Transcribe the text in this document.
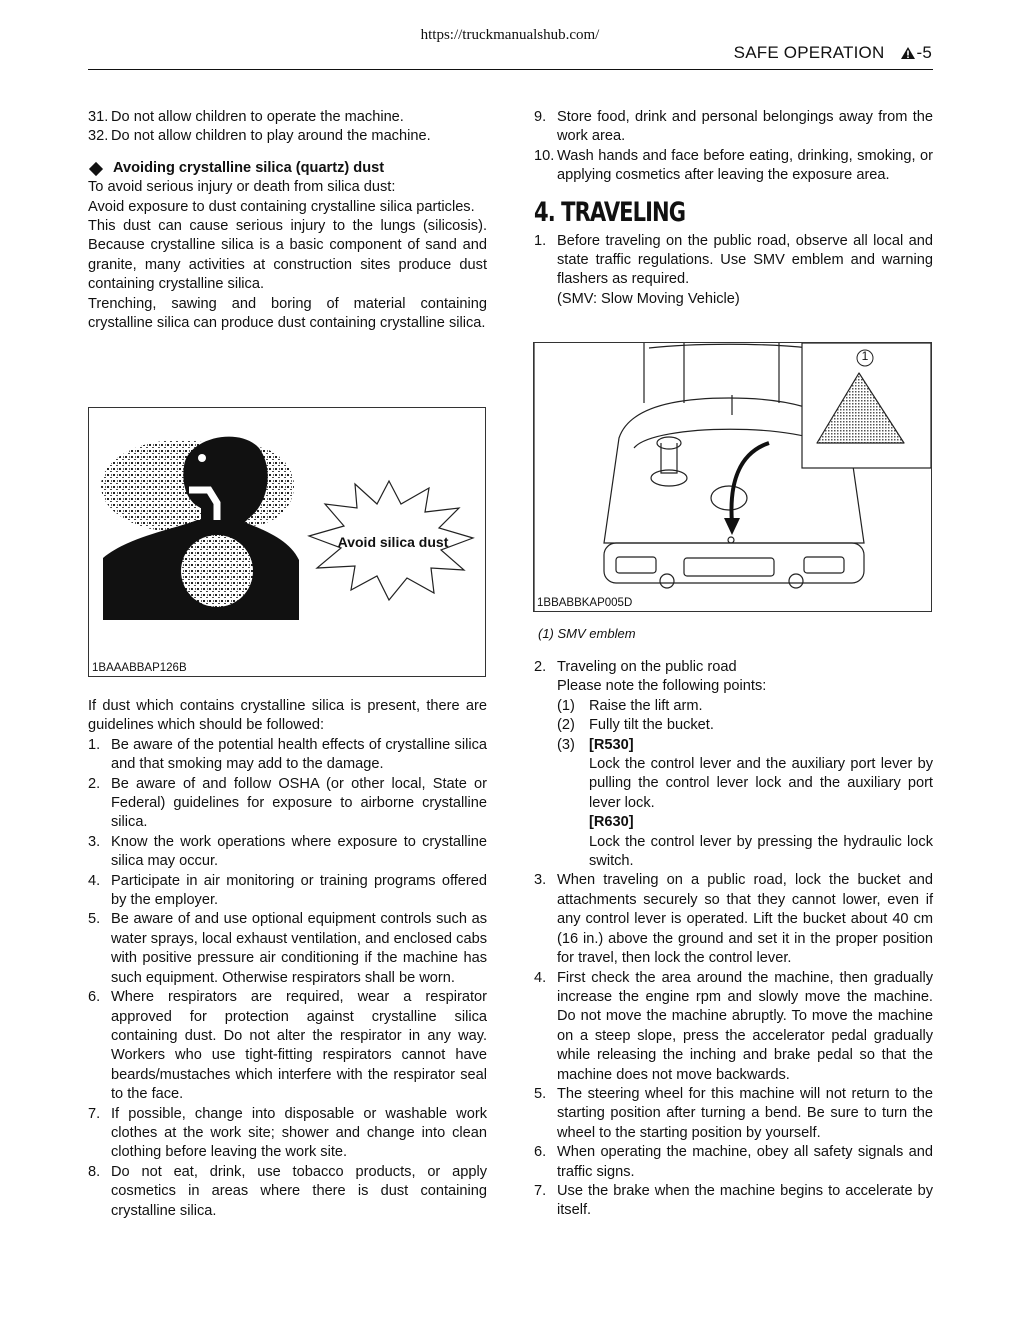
https://truckmanualshub.com/
SAFE OPERATION -5
31. Do not allow children to operate the machine.
32. Do not allow children to play around the machine.
Avoiding crystalline silica (quartz) dust

To avoid serious injury or death from silica dust:

Avoid exposure to dust containing crystalline silica particles.

This dust can cause serious injury to the lungs (silicosis). Because crystalline silica is a basic component of sand and granite, many activities at construction sites produce dust containing crystalline silica.

Trenching, sawing and boring of material containing crystalline silica can produce dust containing crystalline silica.

Avoid silica dust
1BAAABBAP126B

If dust which contains crystalline silica is present, there are guidelines which should be followed:

1. Be aware of the potential health effects of crystalline silica and that smoking may add to the damage.
2. Be aware of and follow OSHA (or other local, State or Federal) guidelines for exposure to airborne crystalline silica.
3. Know the work operations where exposure to crystalline silica may occur.
4. Participate in air monitoring or training programs offered by the employer.
5. Be aware of and use optional equipment controls such as water sprays, local exhaust ventilation, and enclosed cabs with positive pressure air conditioning if the machine has such equipment. Otherwise respirators shall be worn.
6. Where respirators are required, wear a respirator approved for protection against crystalline silica containing dust. Do not alter the respirator in any way. Workers who use tight-fitting respirators cannot have beards/mustaches which interfere with the respirator seal to the face.
7. If possible, change into disposable or washable work clothes at the work site; shower and change into clean clothing before leaving the work site.
8. Do not eat, drink, use tobacco products, or apply cosmetics in areas where there is dust containing crystalline silica.
9. Store food, drink and personal belongings away from the work area.
10. Wash hands and face before eating, drinking, smoking, or applying cosmetics after leaving the exposure area.
4. TRAVELING
1. Before traveling on the public road, observe all local and state traffic regulations. Use SMV emblem and warning flashers as required.

(SMV: Slow Moving Vehicle)
1
1BBABBKAP005D
(1) SMV emblem
2. Traveling on the public road
Please note the following points:
(1) Raise the lift arm.
(2) Fully tilt the bucket.
(3) [R530]
Lock the control lever and the auxiliary port lever by pulling the control lever lock and the auxiliary port lever lock.
[R630]
Lock the control lever by pressing the hydraulic lock switch.
3. When traveling on a public road, lock the bucket and attachments securely so that they cannot lower, even if any control lever is operated. Lift the bucket about 40 cm (16 in.) above the ground and set it in the proper position for travel, then lock the control lever.
4. First check the area around the machine, then gradually increase the engine rpm and slowly move the machine. Do not move the machine abruptly. To move the machine on a steep slope, press the accelerator pedal gradually while releasing the inching and brake pedal so that the machine does not move backwards.
5. The steering wheel for this machine will not return to the starting position after turning a bend. Be sure to turn the wheel to the starting position by yourself.
6. When operating the machine, obey all safety signals and traffic signs.
7. Use the brake when the machine begins to accelerate by itself.
